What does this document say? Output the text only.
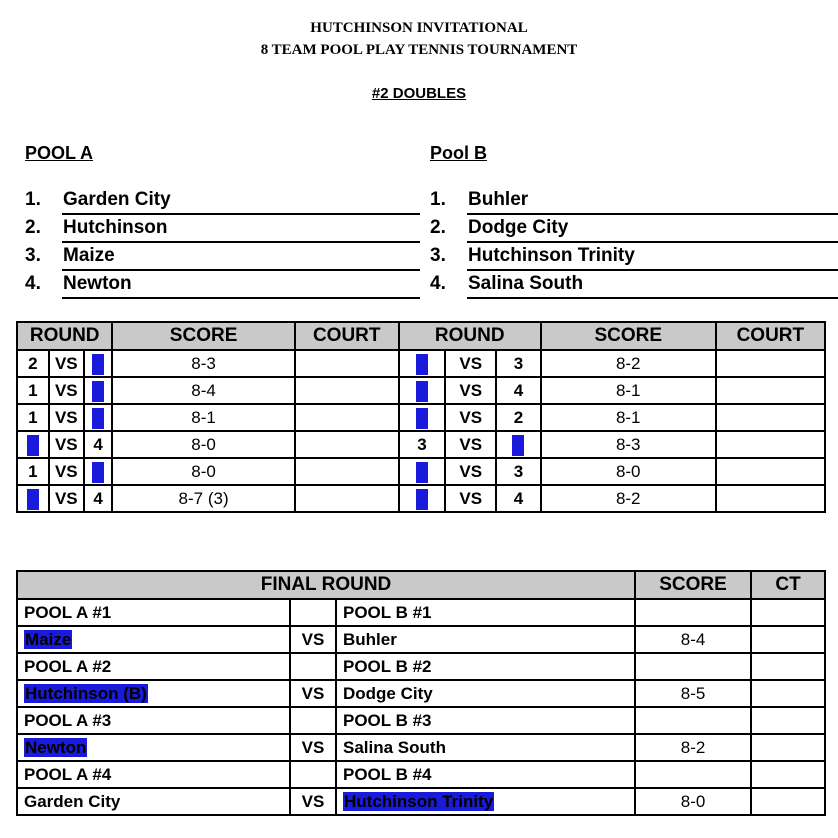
HUTCHINSON INVITATIONAL
8 TEAM POOL PLAY TENNIS TOURNAMENT
#2 DOUBLES
POOL A	Pool B
1. Garden City
2. Hutchinson
3. Maize
4. Newton
1. Buhler
2. Dodge City
3. Hutchinson Trinity
4. Salina South
ROUND			SCORE	COURT	ROUND			SCORE	COURT
2	VS	3	8-3		2	VS	3	8-2	
1	VS	4	8-4		1	VS	4	8-1	
1	VS	2	8-1		1	VS	2	8-1	
3	VS	4	8-0		3	VS	4	8-3	
1	VS	3	8-0		1	VS	3	8-0	
2	VS	4	8-7 (3)		2	VS	4	8-2	
FINAL ROUND			SCORE	CT
POOL A #1		POOL B #1		
Maize	VS	Buhler	8-4	
POOL A #2		POOL B #2		
Hutchinson (B)	VS	Dodge City	8-5	
POOL A #3		POOL B #3		
Newton	VS	Salina South	8-2	
POOL A #4		POOL B #4		
Garden City	VS	Hutchinson Trinity	8-0	
